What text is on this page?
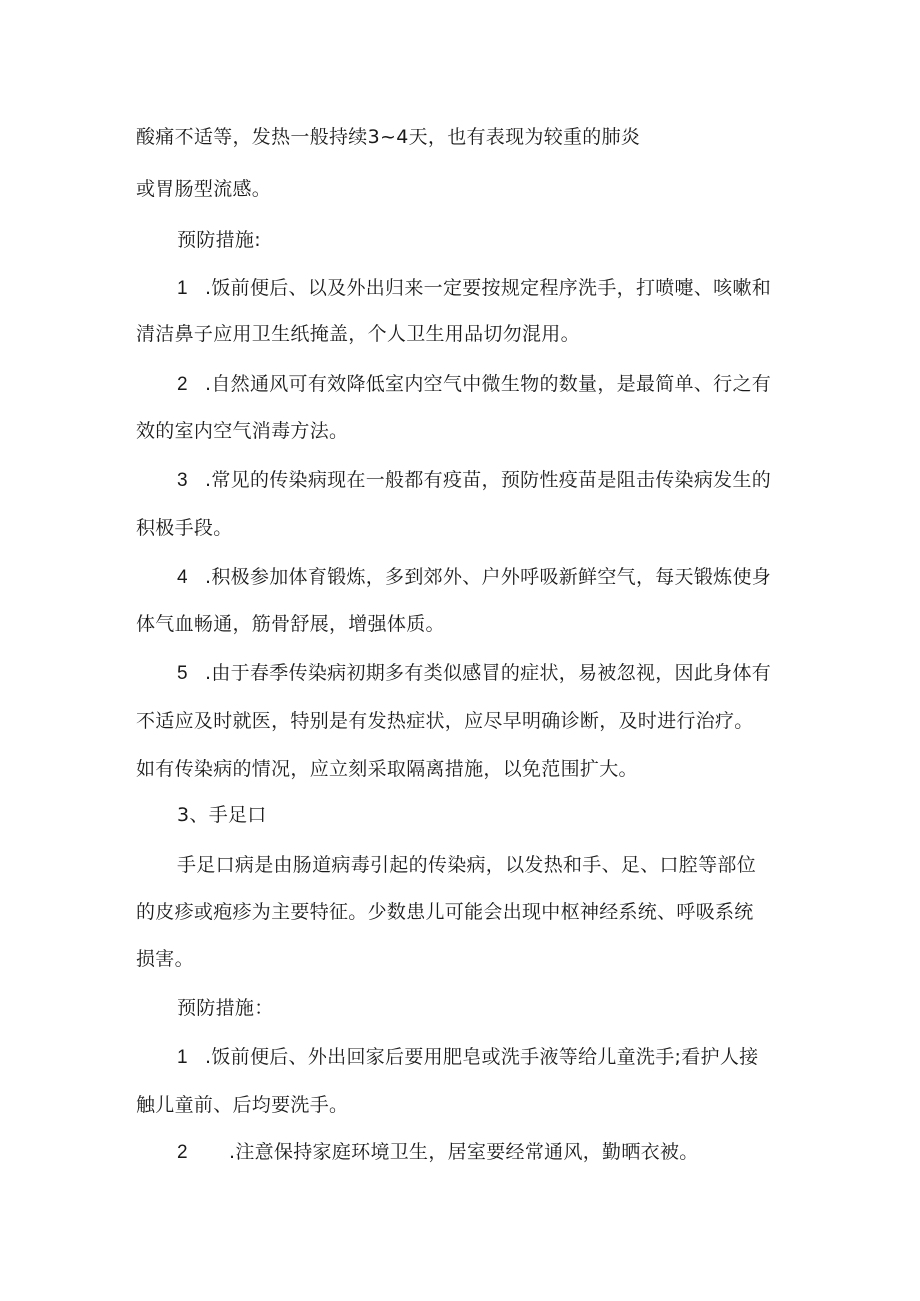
酸痛不适等，发热一般持续3~4天，也有表现为较重的肺炎
或胃肠型流感。
预防措施:
1 .饭前便后、以及外出归来一定要按规定程序洗手，打喷嚏、咳嗽和
清洁鼻子应用卫生纸掩盖，个人卫生用品切勿混用。
2 .自然通风可有效降低室内空气中微生物的数量，是最简单、行之有
效的室内空气消毒方法。
3 .常见的传染病现在一般都有疫苗，预防性疫苗是阻击传染病发生的
积极手段。
4 .积极参加体育锻炼，多到郊外、户外呼吸新鲜空气，每天锻炼使身
体气血畅通，筋骨舒展，增强体质。
5 .由于春季传染病初期多有类似感冒的症状，易被忽视，因此身体有
不适应及时就医，特别是有发热症状，应尽早明确诊断，及时进行治疗。
如有传染病的情况，应立刻采取隔离措施，以免范围扩大。
3、手足口
手足口病是由肠道病毒引起的传染病，以发热和手、足、口腔等部位
的皮疹或疱疹为主要特征。少数患儿可能会出现中枢神经系统、呼吸系统
损害。
预防措施：
1 .饭前便后、外出回家后要用肥皂或洗手液等给儿童洗手;看护人接
触儿童前、后均要洗手。
2 .注意保持家庭环境卫生，居室要经常通风，勤晒衣被。
